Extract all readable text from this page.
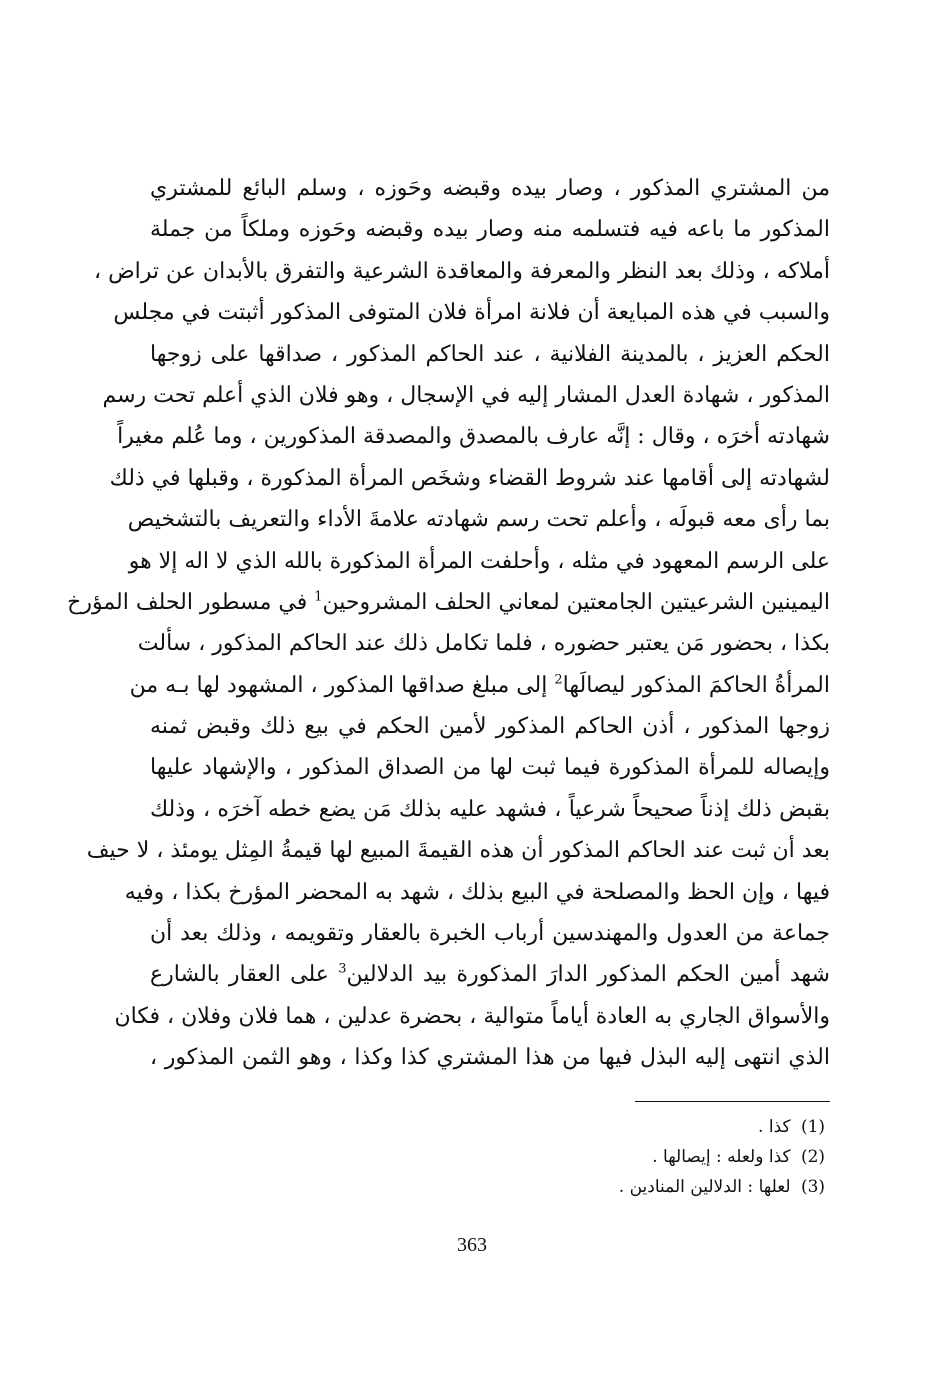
من المشتري المذكور ، وصار بيده وقبضه وحَوزه ، وسلم البائع للمشتري
المذكور ما باعه فيه فتسلمه منه وصار بيده وقبضه وحَوزه وملكاً من جملة
أملاكه ، وذلك بعد النظر والمعرفة والمعاقدة الشرعية والتفرق بالأبدان عن تراض ،
والسبب في هذه المبايعة أن فلانة امرأة فلان المتوفى المذكور أثبتت في مجلس
الحكم العزيز ، بالمدينة الفلانية ، عند الحاكم المذكور ، صداقها على زوجها
المذكور ، شهادة العدل المشار إليه في الإسجال ، وهو فلان الذي أعلم تحت رسم
شهادته أخرَه ، وقال : إنَّه عارف بالمصدق والمصدقة المذكورين ، وما عُلم مغيراً
لشهادته إلى أقامها عند شروط القضاء وشخَص المرأة المذكورة ، وقبلها في ذلك
بما رأى معه قبولَه ، وأعلم تحت رسم شهادته علامةَ الأداء والتعريف بالتشخيص
على الرسم المعهود في مثله ، وأحلفت المرأة المذكورة بالله الذي لا اله إلا هو
اليمينين الشرعيتين الجامعتين لمعاني الحلف المشروحين$^1$ في مسطور الحلف المؤرخ
بكذا ، بحضور مَن يعتبر حضوره ، فلما تكامل ذلك عند الحاكم المذكور ، سألت
المرأةُ الحاكمَ المذكور ليصالَها$^2$ إلى مبلغ صداقها المذكور ، المشهود لها بـه من
زوجها المذكور ، أذن الحاكم المذكور لأمين الحكم في بيع ذلك وقبض ثمنه
وإيصاله للمرأة المذكورة فيما ثبت لها من الصداق المذكور ، والإشهاد عليها
بقبض ذلك إذناً صحيحاً شرعياً ، فشهد عليه بذلك مَن يضع خطه آخرَه ، وذلك
بعد أن ثبت عند الحاكم المذكور أن هذه القيمةَ المبيع لها قيمةُ المِثل يومئذ ، لا حيف
فيها ، وإن الحظ والمصلحة في البيع بذلك ، شهد به المحضر المؤرخ بكذا ، وفيه
جماعة من العدول والمهندسين أرباب الخبرة بالعقار وتقويمه ، وذلك بعد أن
شهد أمين الحكم المذكور الدارَ المذكورة بيد الدلالين$^3$ على العقار بالشارع
والأسواق الجاري به العادة أياماً متوالية ، بحضرة عدلين ، هما فلان وفلان ، فكان
الذي انتهى إليه البذل فيها من هذا المشتري كذا وكذا ، وهو الثمن المذكور ،
(1) كذا .
(2) كذا ولعله : إيصالها .
(3) لعلها : الدلالين المنادين .
363
